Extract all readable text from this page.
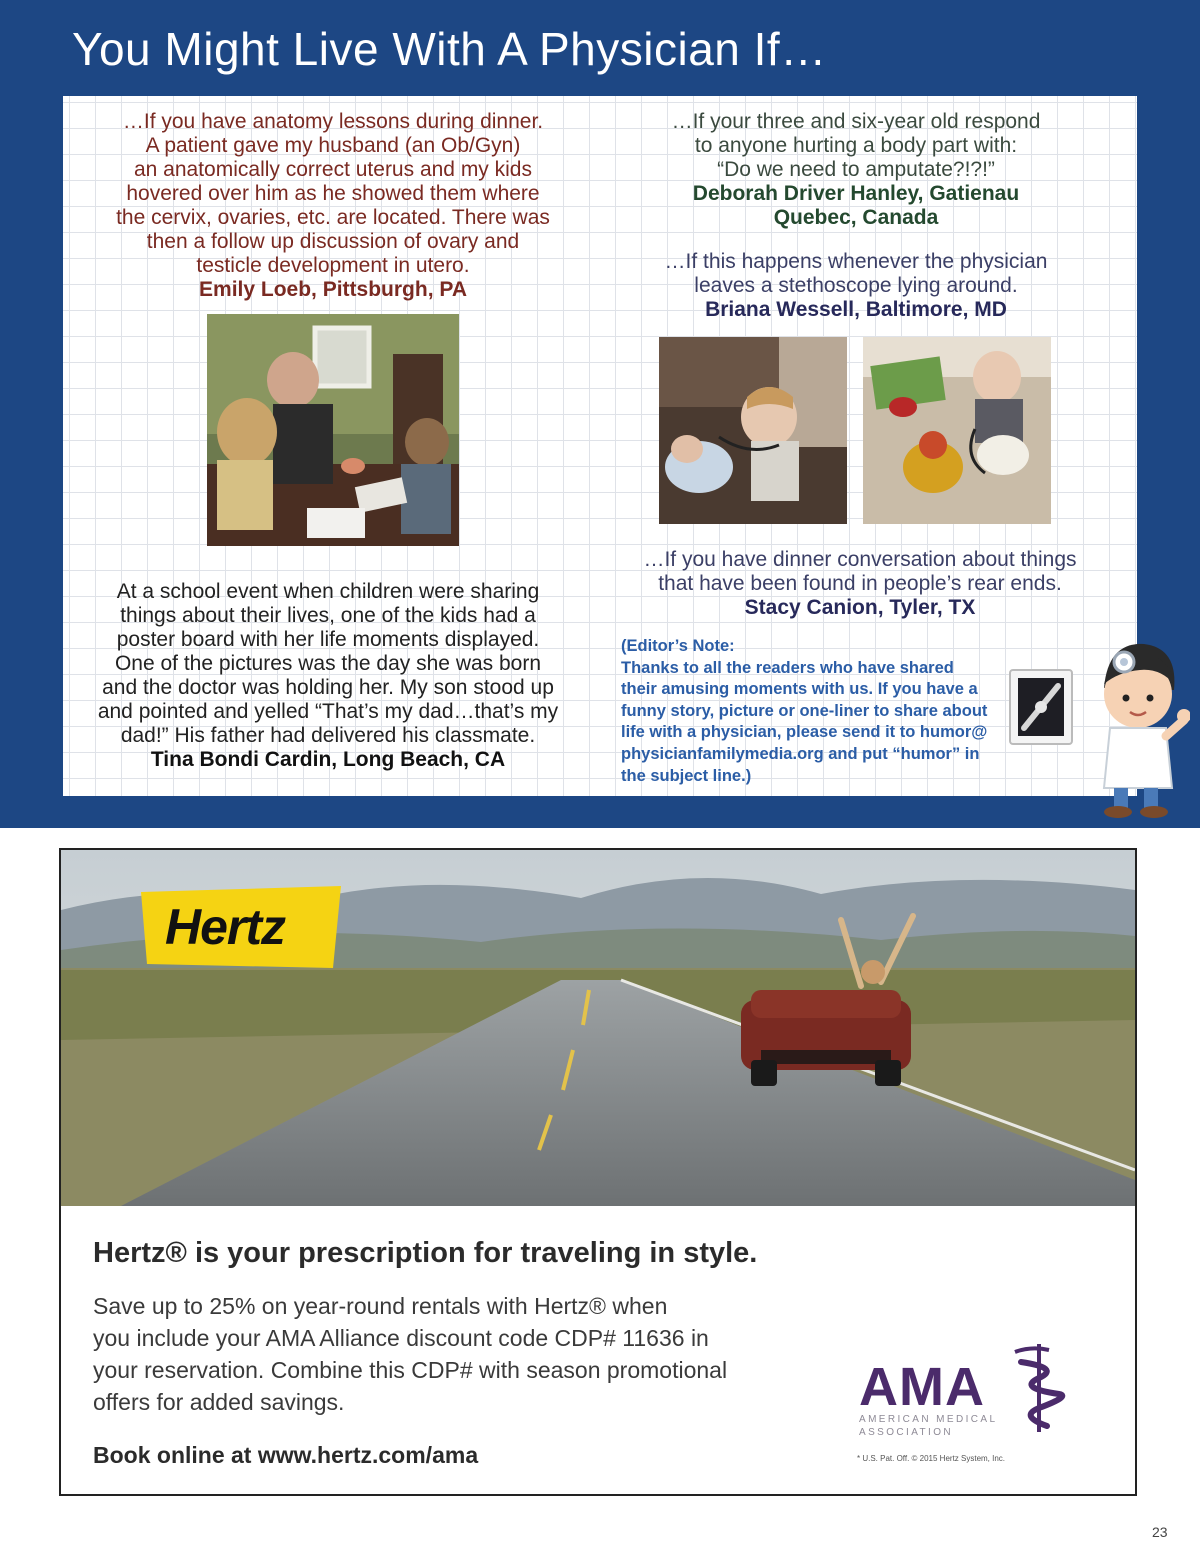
You Might Live With A Physician If…
…If you have anatomy lessons during dinner.
A patient gave my husband (an Ob/Gyn)
an anatomically correct uterus and my kids
hovered over him as he showed them where
the cervix, ovaries, etc. are located. There was
then a follow up discussion of ovary and
testicle development in utero.
Emily Loeb, Pittsburgh, PA
…If your three and six-year old respond
to anyone hurting a body part with:
“Do we need to amputate?!?!”
Deborah Driver Hanley, Gatienau
Quebec, Canada
…If this happens whenever the physician
leaves a stethoscope lying around.
Briana Wessell, Baltimore, MD
…If you have dinner conversation about things
that have been found in people’s rear ends.
Stacy Canion, Tyler, TX
At a school event when children were sharing
things about their lives, one of the kids had a
poster board with her life moments displayed.
One of the pictures was the day she was born
and the doctor was holding her. My son stood up
and pointed and yelled “That’s my dad…that’s my
dad!” His father had delivered his classmate.
Tina Bondi Cardin, Long Beach, CA
(Editor’s Note:
Thanks to all the readers who have shared
their amusing moments with us. If you have a
funny story, picture or one-liner to share about
life with a physician, please send it to humor@
physicianfamilymedia.org and put “humor” in
the subject line.)
Hertz
Hertz® is your prescription for traveling in style.
Save up to 25% on year-round rentals with Hertz® when
you include your AMA Alliance discount code CDP# 11636 in
your reservation. Combine this CDP# with season promotional
offers for added savings.
Book online at www.hertz.com/ama
AMA
AMERICAN MEDICAL
ASSOCIATION
* U.S. Pat. Off. © 2015 Hertz System, Inc.
23
